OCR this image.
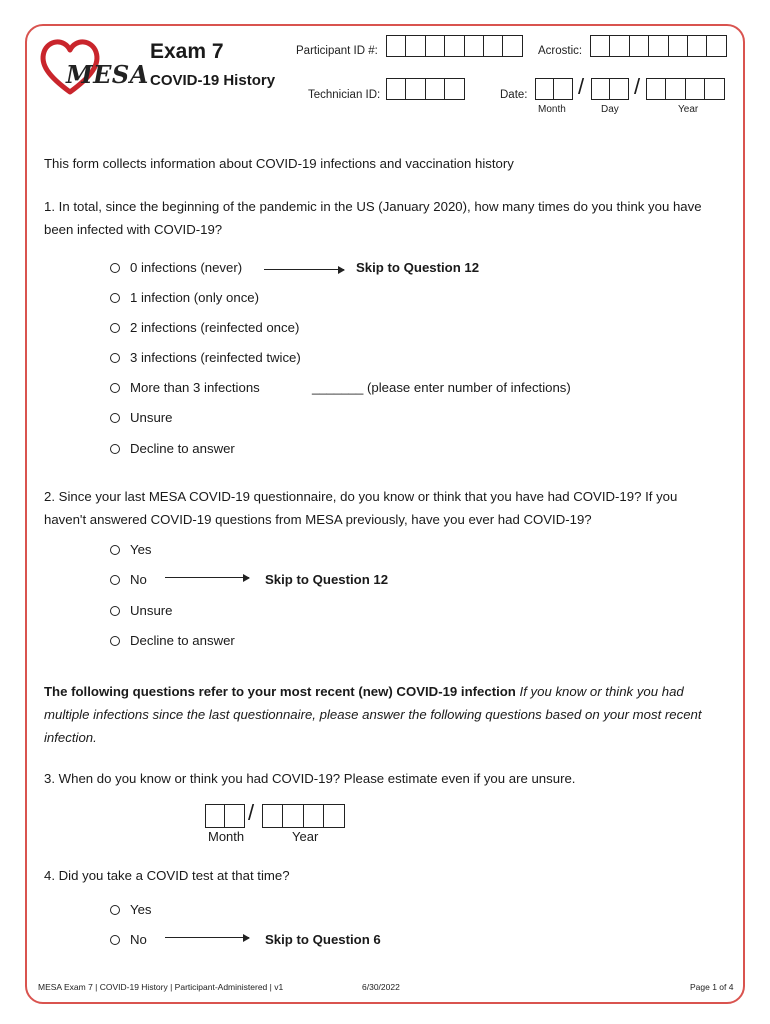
MESA
Exam 7
COVID-19 History
Participant ID #:	Acrostic:
Technician ID:	Date: / /
Month	Day	Year
This form collects information about COVID-19 infections and vaccination history
1. In total, since the beginning of the pandemic in the US (January 2020), how many times do you think you have been infected with COVID-19?
0 infections (never)	Skip to Question 12
1 infection (only once)
2 infections (reinfected once)
3 infections (reinfected twice)
More than 3 infections	_______ (please enter number of infections)
Unsure
Decline to answer
2. Since your last MESA COVID-19 questionnaire, do you know or think that you have had COVID-19? If you haven't answered COVID-19 questions from MESA previously, have you ever had COVID-19?
Yes
No	Skip to Question 12
Unsure
Decline to answer
The following questions refer to your most recent (new) COVID-19 infection If you know or think you had multiple infections since the last questionnaire, please answer the following questions based on your most recent infection.
3. When do you know or think you had COVID-19? Please estimate even if you are unsure.
/
Month	Year
4. Did you take a COVID test at that time?
Yes
No	Skip to Question 6
MESA Exam 7 | COVID-19 History | Participant-Administered | v1	6/30/2022	Page 1 of 4
